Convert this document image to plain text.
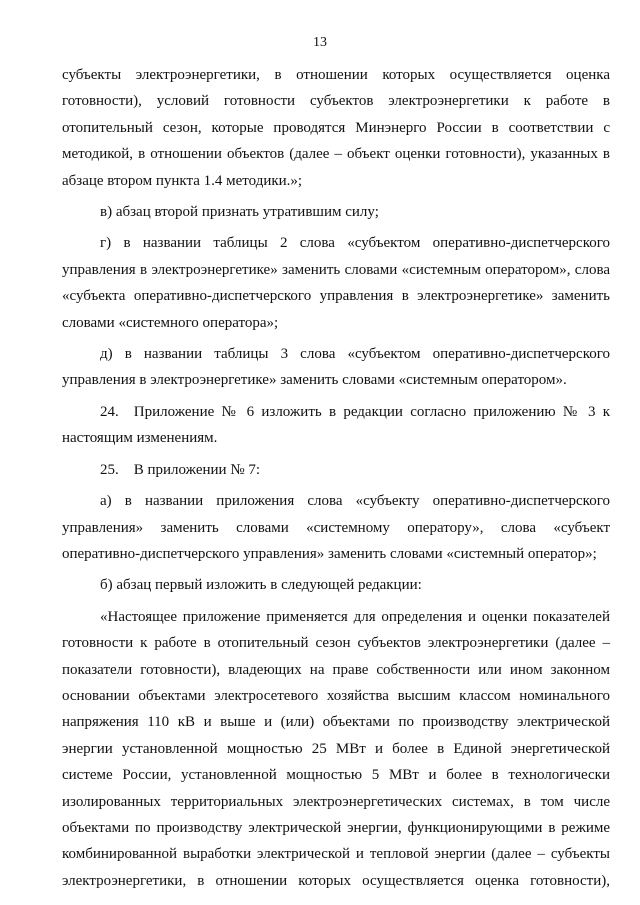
13

субъекты электроэнергетики, в отношении которых осуществляется оценка готовности), условий готовности субъектов электроэнергетики к работе в отопительный сезон, которые проводятся Минэнерго России в соответствии с методикой, в отношении объектов (далее – объект оценки готовности), указанных в абзаце втором пункта 1.4 методики.»;

в) абзац второй признать утратившим силу;

г) в названии таблицы 2 слова «субъектом оперативно-диспетчерского управления в электроэнергетике» заменить словами «системным оператором», слова «субъекта оперативно-диспетчерского управления в электроэнергетике» заменить словами «системного оператора»;

д) в названии таблицы 3 слова «субъектом оперативно-диспетчерского управления в электроэнергетике» заменить словами «системным оператором».

24. Приложение № 6 изложить в редакции согласно приложению № 3 к настоящим изменениям.

25. В приложении № 7:

а) в названии приложения слова «субъекту оперативно-диспетчерского управления» заменить словами «системному оператору», слова «субъект оперативно-диспетчерского управления» заменить словами «системный оператор»;

б) абзац первый изложить в следующей редакции:

«Настоящее приложение применяется для определения и оценки показателей готовности к работе в отопительный сезон субъектов электроэнергетики (далее – показатели готовности), владеющих на праве собственности или ином законном основании объектами электросетевого хозяйства высшим классом номинального напряжения 110 кВ и выше и (или) объектами по производству электрической энергии установленной мощностью 25 МВт и более в Единой энергетической системе России, установленной мощностью 5 МВт и более в технологически изолированных территориальных электроэнергетических системах, в том числе объектами по производству электрической энергии, функционирующими в режиме комбинированной выработки электрической и тепловой энергии (далее – субъекты электроэнергетики, в отношении которых осуществляется оценка готовности),
